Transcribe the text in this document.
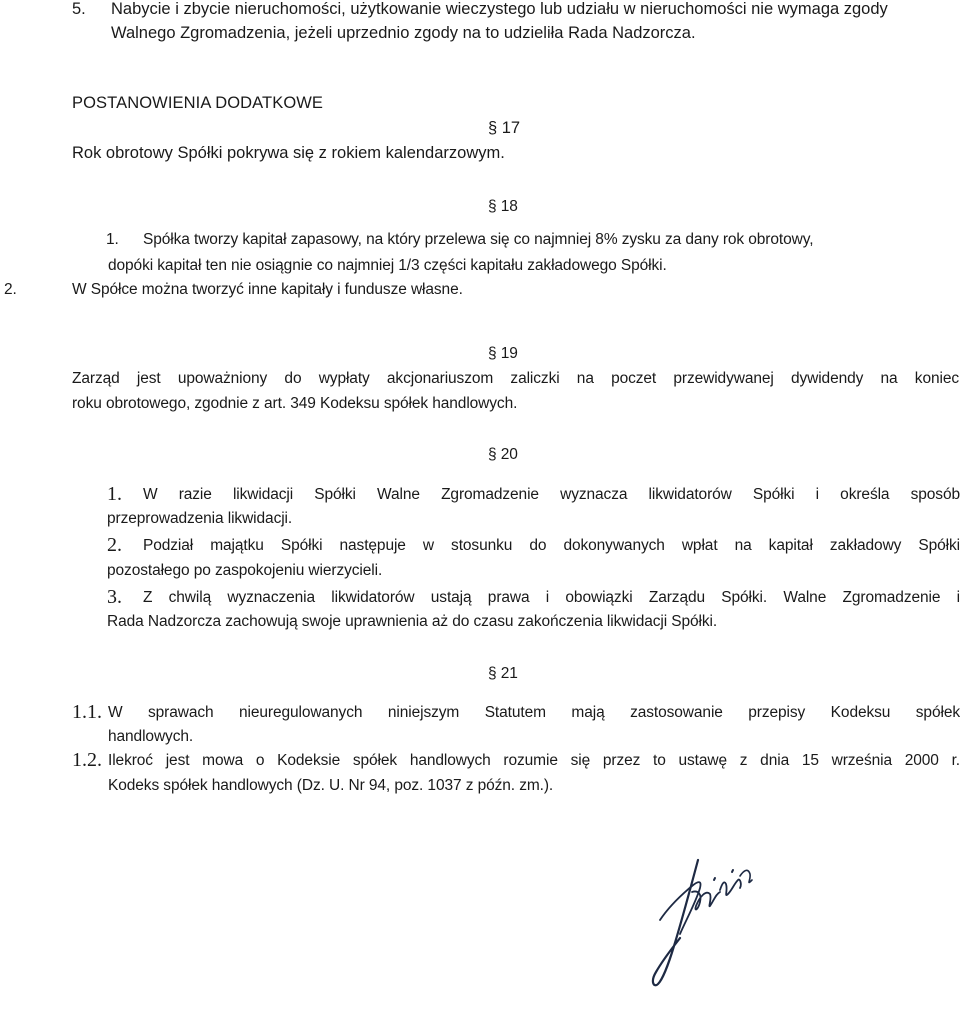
5. Nabycie i zbycie nieruchomości, użytkowanie wieczystego lub udziału w nieruchomości nie wymaga zgody
Walnego Zgromadzenia, jeżeli uprzednio zgody na to udzieliła Rada Nadzorcza.
POSTANOWIENIA DODATKOWE
§ 17
Rok obrotowy Spółki pokrywa się z rokiem kalendarzowym.
§ 18
1. Spółka tworzy kapitał zapasowy, na który przelewa się co najmniej 8% zysku za dany rok obrotowy,
dopóki kapitał ten nie osiągnie co najmniej 1/3 części kapitału zakładowego Spółki.
2.	W Spółce można tworzyć inne kapitały i fundusze własne.
§ 19
Zarząd jest upoważniony do wypłaty akcjonariuszom zaliczki na poczet przewidywanej dywidendy na koniec
roku obrotowego, zgodnie z art. 349 Kodeksu spółek handlowych.
§ 20
1. W razie likwidacji Spółki Walne Zgromadzenie wyznacza likwidatorów Spółki i określa sposób
przeprowadzenia likwidacji.
2. Podział majątku Spółki następuje w stosunku do dokonywanych wpłat na kapitał zakładowy Spółki
pozostałego po zaspokojeniu wierzycieli.
3. Z chwilą wyznaczenia likwidatorów ustają prawa i obowiązki Zarządu Spółki. Walne Zgromadzenie i
Rada Nadzorcza zachowują swoje uprawnienia aż do czasu zakończenia likwidacji Spółki.
§ 21
1.1. W sprawach nieuregulowanych niniejszym Statutem mają zastosowanie przepisy Kodeksu spółek
handlowych.
1.2. Ilekroć jest mowa o Kodeksie spółek handlowych rozumie się przez to ustawę z dnia 15 września 2000 r.
Kodeks spółek handlowych (Dz. U. Nr 94, poz. 1037 z późn. zm.).
